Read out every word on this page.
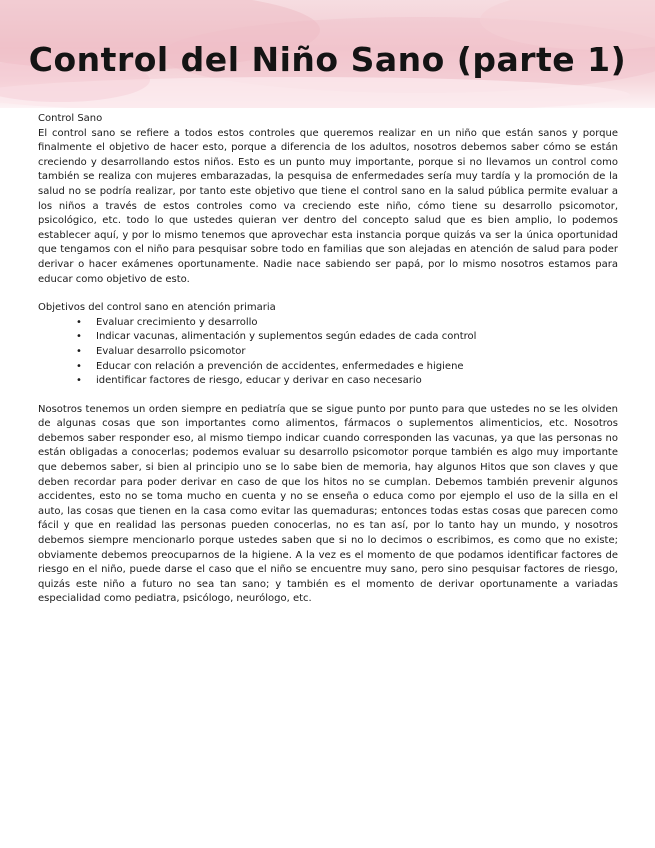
Control del Niño Sano (parte 1)
Control Sano

El control sano se refiere a todos estos controles que queremos realizar en un niño que están sanos y porque finalmente el objetivo de hacer esto, porque a diferencia de los adultos, nosotros debemos saber cómo se están creciendo y desarrollando estos niños. Esto es un punto muy importante, porque si no llevamos un control como también se realiza con mujeres embarazadas, la pesquisa de enfermedades sería muy tardía y la promoción de la salud no se podría realizar, por tanto este objetivo que tiene el control sano en la salud pública permite evaluar a los niños a través de estos controles como va creciendo este niño, cómo tiene su desarrollo psicomotor, psicológico, etc. todo lo que ustedes quieran ver dentro del concepto salud que es bien amplio, lo podemos establecer aquí, y por lo mismo tenemos que aprovechar esta instancia porque quizás va ser la única oportunidad que tengamos con el niño para pesquisar sobre todo en familias que son alejadas en atención de salud para poder derivar o hacer exámenes oportunamente. Nadie nace sabiendo ser papá, por lo mismo nosotros estamos para educar como objetivo de esto.

Objetivos del control sano en atención primaria
• Evaluar crecimiento y desarrollo
• Indicar vacunas, alimentación y suplementos según edades de cada control
• Evaluar desarrollo psicomotor
• Educar con relación a prevención de accidentes, enfermedades e higiene
• identificar factores de riesgo, educar y derivar en caso necesario

Nosotros tenemos un orden siempre en pediatría que se sigue punto por punto para que ustedes no se les olviden de algunas cosas que son importantes como alimentos, fármacos o suplementos alimenticios, etc. Nosotros debemos saber responder eso, al mismo tiempo indicar cuando corresponden las vacunas, ya que las personas no están obligadas a conocerlas; podemos evaluar su desarrollo psicomotor porque también es algo muy importante que debemos saber, si bien al principio uno se lo sabe bien de memoria, hay algunos Hitos que son claves y que deben recordar para poder derivar en caso de que los hitos no se cumplan. Debemos también prevenir algunos accidentes, esto no se toma mucho en cuenta y no se enseña o educa como por ejemplo el uso de la silla en el auto, las cosas que tienen en la casa como evitar las quemaduras; entonces todas estas cosas que parecen como fácil y que en realidad las personas pueden conocerlas, no es tan así, por lo tanto hay un mundo, y nosotros debemos siempre mencionarlo porque ustedes saben que si no lo decimos o escribimos, es como que no existe; obviamente debemos preocuparnos de la higiene. A la vez es el momento de que podamos identificar factores de riesgo en el niño, puede darse el caso que el niño se encuentre muy sano, pero sino pesquisar factores de riesgo, quizás este niño a futuro no sea tan sano; y también es el momento de derivar oportunamente a variadas especialidad como pediatra, psicólogo, neurólogo, etc.
